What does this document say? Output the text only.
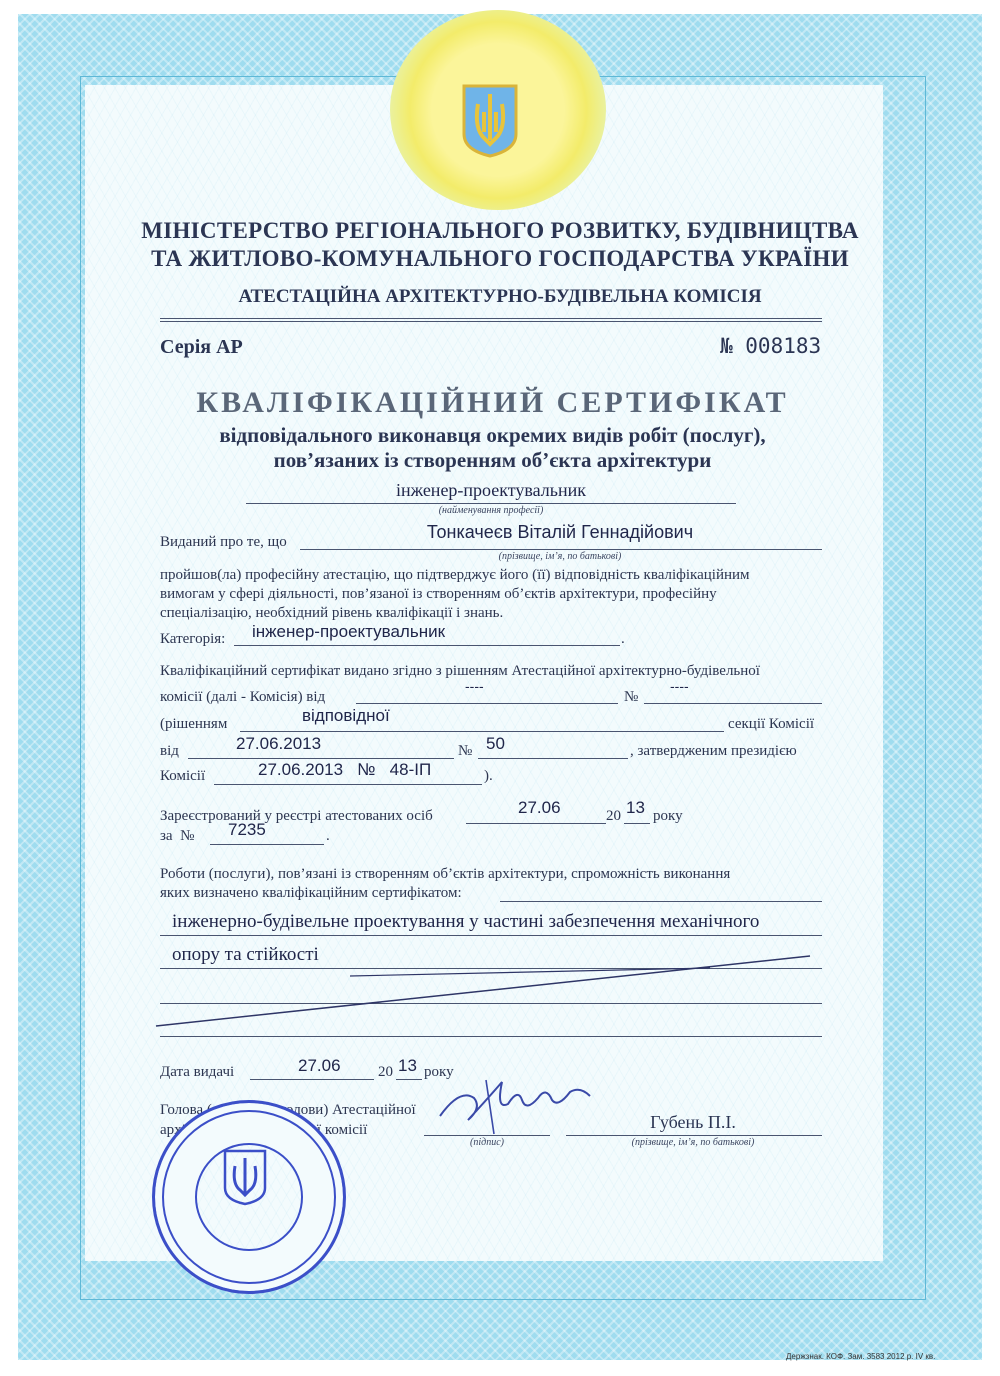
МІНІСТЕРСТВО РЕГІОНАЛЬНОГО РОЗВИТКУ, БУДІВНИЦТВА
ТА ЖИТЛОВО-КОМУНАЛЬНОГО ГОСПОДАРСТВА УКРАЇНИ
АТЕСТАЦІЙНА АРХІТЕКТУРНО-БУДІВЕЛЬНА КОМІСІЯ
Серія АР	№ 008183
КВАЛІФІКАЦІЙНИЙ СЕРТИФІКАТ
відповідального виконавця окремих видів робіт (послуг),
пов’язаних із створенням об’єкта архітектури
інженер-проектувальник
(найменування професії)
Виданий про те, що	Тонкачеєв Віталій Геннадійович
(прізвище, ім’я, по батькові)
пройшов(ла) професійну атестацію, що підтверджує його (її) відповідність кваліфікаційним
вимогам у сфері діяльності, пов’язаної із створенням об’єктів архітектури, професійну
спеціалізацію, необхідний рівень кваліфікації і знань.
Категорія: інженер-проектувальник	.
Кваліфікаційний сертифікат видано згідно з рішенням Атестаційної архітектурно-будівельної
комісії (далі - Комісія) від
----
№
----
(рішенням	відповідної	секції Комісії
від	27.06.2013	№ 50	, затвердженим президією
Комісії	27.06.2013   №   48-ІП	).
Зареєстрований у реєстрі атестованих осіб	27.06	20 13 року
за  № 7235	.
Роботи (послуги), пов’язані із створенням об’єктів архітектури, спроможність виконання
яких визначено кваліфікаційним сертифікатом:
інженерно-будівельне проектування у частині забезпечення механічного
опору та стійкості
Дата видачі	27.06 20 13 року
Голова (заступник голови) Атестаційної
архітектурно-будівельної комісії
(підпис)
Губень П.І.
(прізвище, ім’я, по батькові)
Держзнак. КОФ. Зам. 3583 2012 р. IV кв.
